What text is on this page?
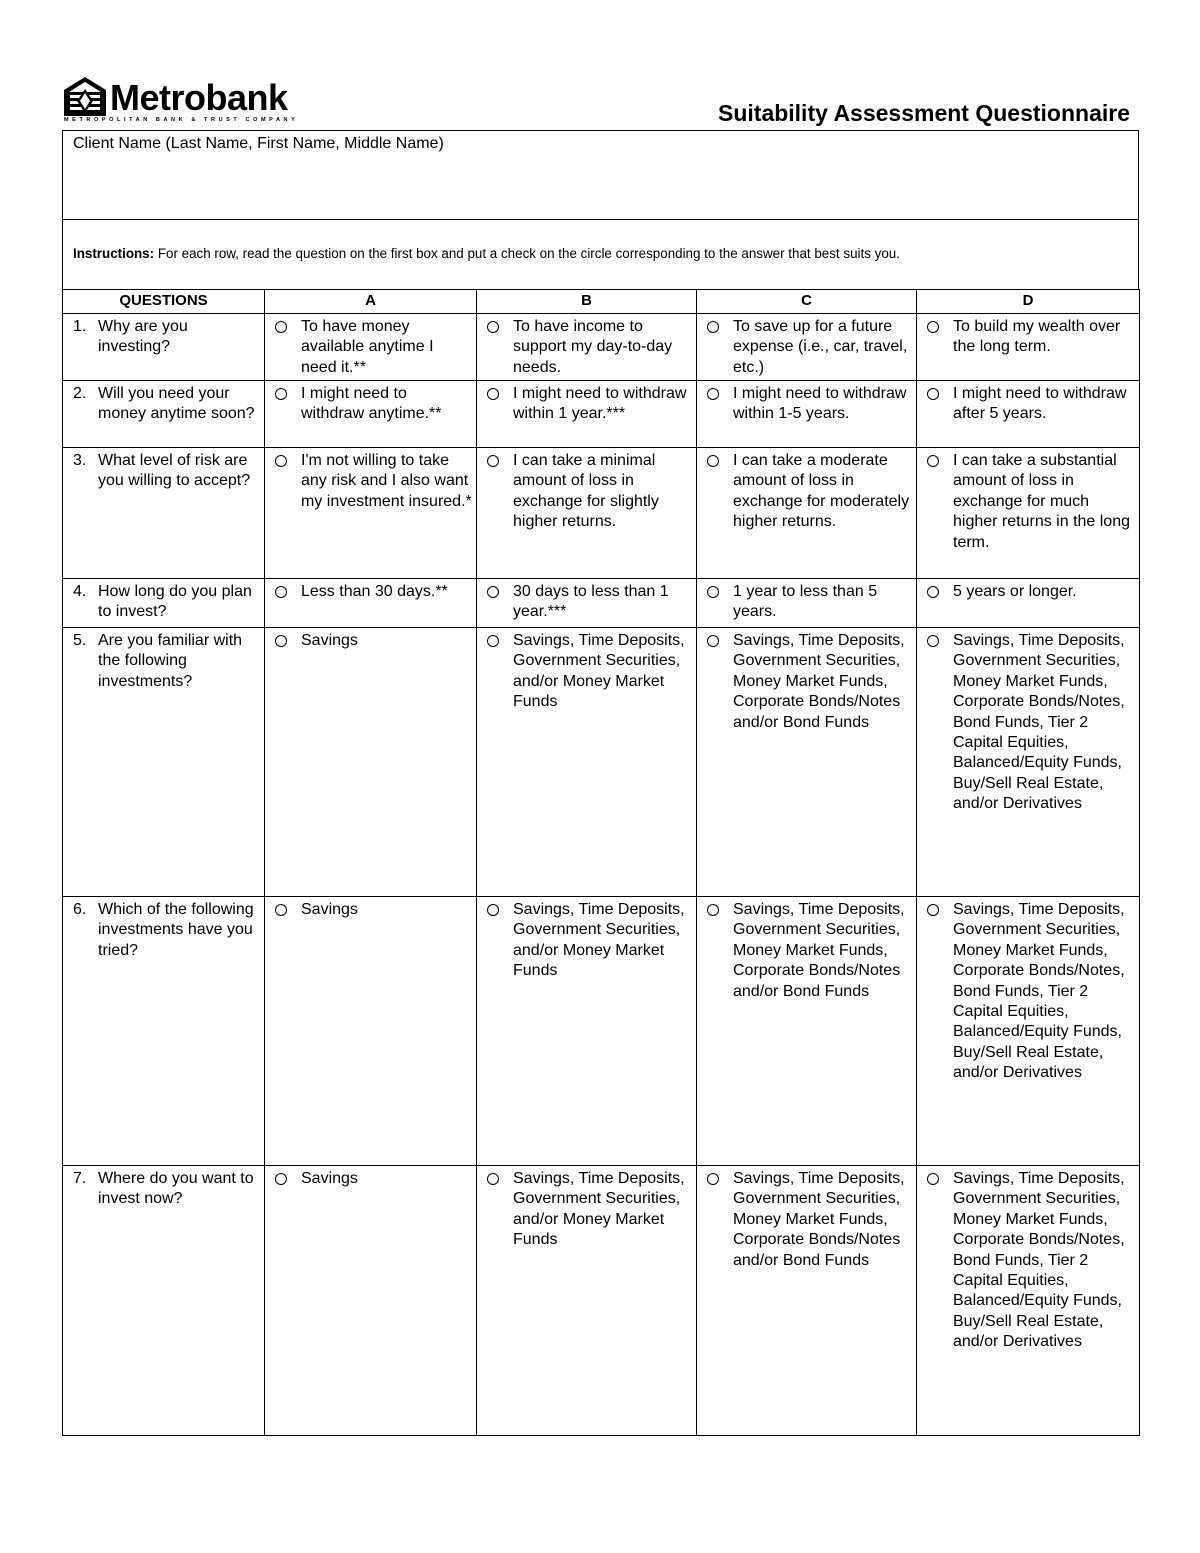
Metrobank
METROPOLITAN BANK & TRUST COMPANY	Suitability Assessment Questionnaire
Client Name (Last Name, First Name, Middle Name)
Instructions: For each row, read the question on the first box and put a check on the circle corresponding to the answer that best suits you.
QUESTIONS	A	B	C	D

1. Why are you investing?	To have money available anytime I need it.**	To have income to support my day-to-day needs.	To save up for a future expense (i.e., car, travel, etc.)	To build my wealth over the long term.

2. Will you need your money anytime soon?	I might need to withdraw anytime.**	I might need to withdraw within 1 year.***	I might need to withdraw within 1-5 years.	I might need to withdraw after 5 years.

3. What level of risk are you willing to accept?	I'm not willing to take any risk and I also want my investment insured.*	I can take a minimal amount of loss in exchange for slightly higher returns.	I can take a moderate amount of loss in exchange for moderately higher returns.	I can take a substantial amount of loss in exchange for much higher returns in the long term.

4. How long do you plan to invest?	Less than 30 days.**	30 days to less than 1 year.***	1 year to less than 5 years.	5 years or longer.

5. Are you familiar with the following investments?	Savings	Savings, Time Deposits, Government Securities, and/or Money Market Funds	Savings, Time Deposits, Government Securities, Money Market Funds, Corporate Bonds/Notes and/or Bond Funds	Savings, Time Deposits, Government Securities, Money Market Funds, Corporate Bonds/Notes, Bond Funds, Tier 2 Capital Equities, Balanced/Equity Funds, Buy/Sell Real Estate, and/or Derivatives

6. Which of the following investments have you tried?	Savings	Savings, Time Deposits, Government Securities, and/or Money Market Funds	Savings, Time Deposits, Government Securities, Money Market Funds, Corporate Bonds/Notes and/or Bond Funds	Savings, Time Deposits, Government Securities, Money Market Funds, Corporate Bonds/Notes, Bond Funds, Tier 2 Capital Equities, Balanced/Equity Funds, Buy/Sell Real Estate, and/or Derivatives

7. Where do you want to invest now?	Savings	Savings, Time Deposits, Government Securities, and/or Money Market Funds	Savings, Time Deposits, Government Securities, Money Market Funds, Corporate Bonds/Notes and/or Bond Funds	Savings, Time Deposits, Government Securities, Money Market Funds, Corporate Bonds/Notes, Bond Funds, Tier 2 Capital Equities, Balanced/Equity Funds, Buy/Sell Real Estate, and/or Derivatives
